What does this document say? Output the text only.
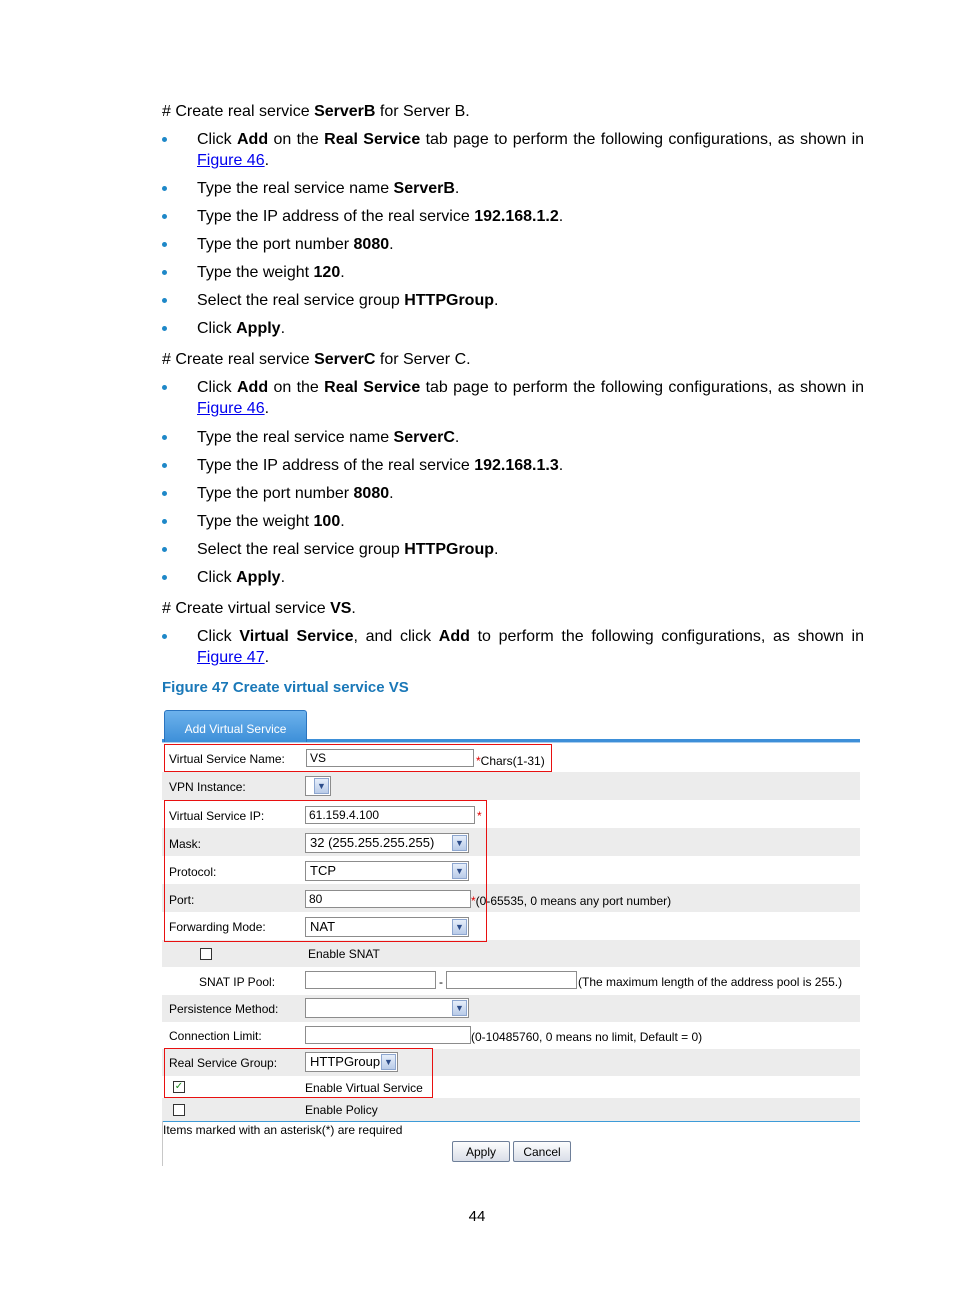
# Create real service ServerB for Server B.
Click Add on the Real Service tab page to perform the following configurations, as shown in Figure 46.
Type the real service name ServerB.
Type the IP address of the real service 192.168.1.2.
Type the port number 8080.
Type the weight 120.
Select the real service group HTTPGroup.
Click Apply.
# Create real service ServerC for Server C.
Click Add on the Real Service tab page to perform the following configurations, as shown in Figure 46.
Type the real service name ServerC.
Type the IP address of the real service 192.168.1.3.
Type the port number 8080.
Type the weight 100.
Select the real service group HTTPGroup.
Click Apply.
# Create virtual service VS.
Click Virtual Service, and click Add to perform the following configurations, as shown in Figure 47.
Figure 47 Create virtual service VS
Add Virtual Service
Virtual Service Name:	VS	*Chars(1-31)
VPN Instance:	▼
Virtual Service IP:	61.159.4.100	*
Mask:	32 (255.255.255.255)	▼
Protocol:	TCP	▼
Port:	80	*(0-65535, 0 means any port number)
Forwarding Mode:	NAT	▼
Enable SNAT
SNAT IP Pool:	-	(The maximum length of the address pool is 255.)
Persistence Method:	▼
Connection Limit:	(0-10485760, 0 means no limit, Default = 0)
Real Service Group:	HTTPGroup ▼
✓	Enable Virtual Service
Enable Policy
Items marked with an asterisk(*) are required
Apply	Cancel
44
